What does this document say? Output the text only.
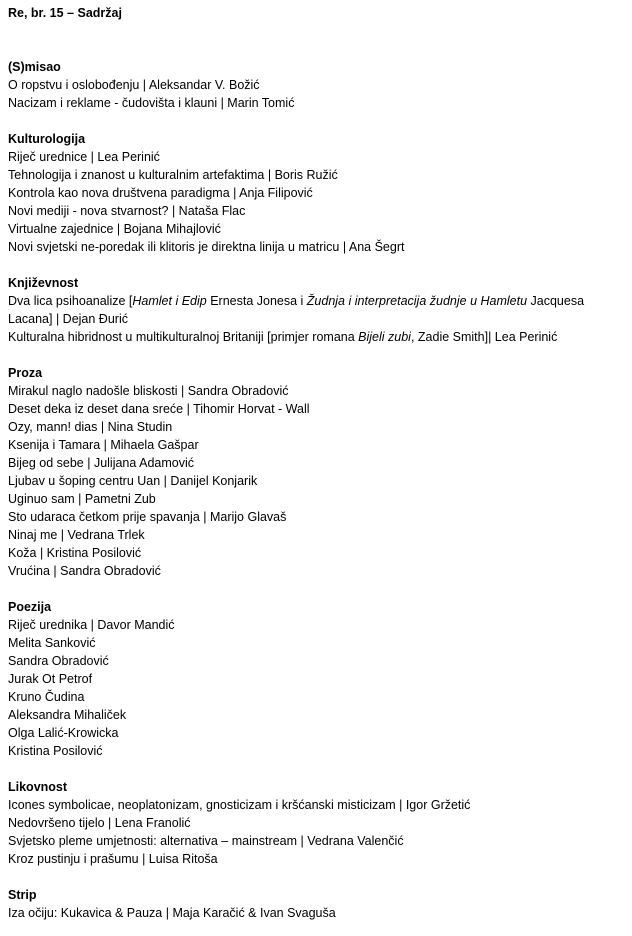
Re, br. 15 – Sadržaj
(S)misao
O ropstvu i oslobođenju | Aleksandar V. Božić
Nacizam i reklame - čudovišta i klauni | Marin Tomić
Kulturologija
Riječ urednice | Lea Perinić
Tehnologija i znanost u kulturalnim artefaktima | Boris Ružić
Kontrola kao nova društvena paradigma | Anja Filipović
Novi mediji - nova stvarnost? | Nataša Flac
Virtualne zajednice | Bojana Mihajlović
Novi svjetski ne-poredak ili klitoris je direktna linija u matricu | Ana Šegrt
Književnost
Dva lica psihoanalize [Hamlet i Edip Ernesta Jonesa i Žudnja i interpretacija žudnje u Hamletu Jacquesa Lacana] | Dejan Đurić
Kulturalna hibridnost u multikulturalnoj Britaniji [primjer romana Bijeli zubi, Zadie Smith]| Lea Perinić
Proza
Mirakul naglo nadošle bliskosti | Sandra Obradović
Deset deka iz deset dana sreće | Tihomir Horvat - Wall
Ozy, mann! dias | Nina Studin
Ksenija i Tamara | Mihaela Gašpar
Bijeg od sebe | Julijana Adamović
Ljubav u šoping centru Uan | Danijel Konjarik
Uginuo sam | Pametni Zub
Sto udaraca četkom prije spavanja | Marijo Glavaš
Ninaj me | Vedrana Trlek
Koža | Kristina Posilović
Vrućina | Sandra Obradović
Poezija
Riječ urednika | Davor Mandić
Melita Sanković
Sandra Obradović
Jurak Ot Petrof
Kruno Čudina
Aleksandra Mihaliček
Olga Lalić-Krowicka
Kristina Posilović
Likovnost
Icones symbolicae, neoplatonizam, gnosticizam i kršćanski misticizam | Igor Gržetić
Nedovršeno tijelo | Lena Franolić
Svjetsko pleme umjetnosti: alternativa – mainstream | Vedrana Valenčić
Kroz pustinju i prašumu | Luisa Ritoša
Strip
Iza očiju: Kukavica & Pauza | Maja Karačić & Ivan Svaguša
